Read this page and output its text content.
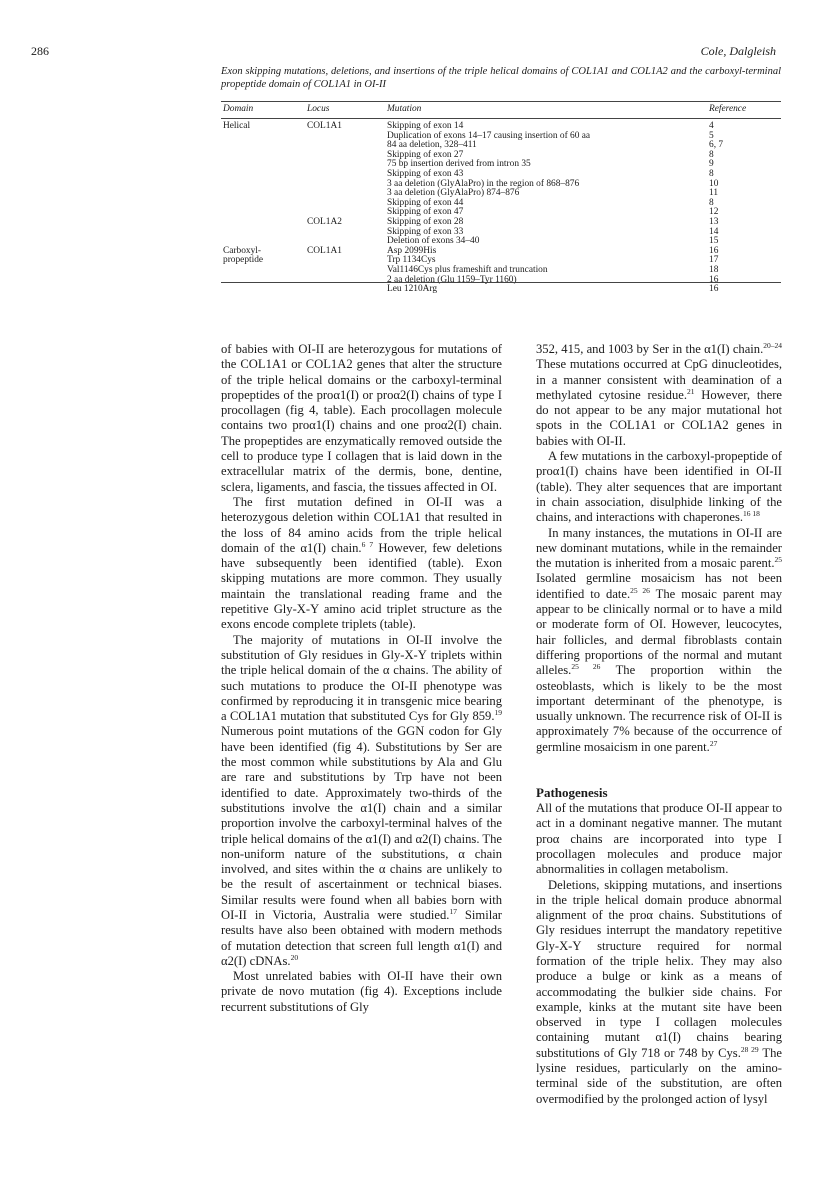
286	Cole, Dalgleish
Exon skipping mutations, deletions, and insertions of the triple helical domains of COL1A1 and COL1A2 and the carboxyl-terminal propeptide domain of COL1A1 in OI-II
Domain	Locus	Mutation	Reference
Helical	COL1A1	Skipping of exon 14	4
Duplication of exons 14–17 causing insertion of 60 aa	5
84 aa deletion, 328–411	6, 7
Skipping of exon 27	8
75 bp insertion derived from intron 35	9
Skipping of exon 43	8
3 aa deletion (GlyAlaPro) in the region of 868–876	10
3 aa deletion (GlyAlaPro) 874–876	11
Skipping of exon 44	8
Skipping of exon 47	12
COL1A2	Skipping of exon 28	13
Skipping of exon 33	14
Deletion of exons 34–40	15
Carboxyl-	COL1A1	Asp 2099His	16
propeptide	Trp 1134Cys	17
Val1146Cys plus frameshift and truncation	18
2 aa deletion (Glu 1159–Tyr 1160)	16
Leu 1210Arg	16

of babies with OI-II are heterozygous for mutations of the COL1A1 or COL1A2 genes that alter the structure of the triple helical domains or the carboxyl-terminal propeptides of the proα1(I) or proα2(I) chains of type I procollagen (fig 4, table). Each procollagen molecule contains two proα1(I) chains and one proα2(I) chain. The propeptides are enzymatically removed outside the cell to produce type I collagen that is laid down in the extracellular matrix of the dermis, bone, dentine, sclera, ligaments, and fascia, the tissues affected in OI.

The first mutation defined in OI-II was a heterozygous deletion within COL1A1 that resulted in the loss of 84 amino acids from the triple helical domain of the α1(I) chain.$^{6 7}$ However, few deletions have subsequently been identified (table). Exon skipping mutations are more common. They usually maintain the translational reading frame and the repetitive Gly-X-Y amino acid triplet structure as the exons encode complete triplets (table).

The majority of mutations in OI-II involve the substitution of Gly residues in Gly-X-Y triplets within the triple helical domain of the α chains. The ability of such mutations to produce the OI-II phenotype was confirmed by reproducing it in transgenic mice bearing a COL1A1 mutation that substituted Cys for Gly 859.19 Numerous point mutations of the GGN codon for Gly have been identified (fig 4). Substitutions by Ser are the most common while substitutions by Ala and Glu are rare and substitutions by Trp have not been identified to date. Approximately two-thirds of the substitutions involve the α1(I) chain and a similar proportion involve the carboxyl-terminal halves of the triple helical domains of the α1(I) and α2(I) chains. The non-uniform nature of the substitutions, α chain involved, and sites within the α chains are unlikely to be the result of ascertainment or technical biases. Similar results were found when all babies born with OI-II in Victoria, Australia were studied.$^{17}$ Similar results have also been obtained with modern methods of mutation detection that screen full length α1(I) and α2(I) cDNAs.$^{20}$

Most unrelated babies with OI-II have their own private de novo mutation (fig 4). Exceptions include recurrent substitutions of Gly

352, 415, and 1003 by Ser in the α1(I) chain.$^{20-24}$ These mutations occurred at CpG dinucleotides, in a manner consistent with deamination of a methylated cytosine residue.$^{21}$ However, there do not appear to be any major mutational hot spots in the COL1A1 or COL1A2 genes in babies with OI-II.

A few mutations in the carboxyl-propeptide of proα1(I) chains have been identified in OI-II (table). They alter sequences that are important in chain association, disulphide linking of the chains, and interactions with chaperones.$^{16 18}$

In many instances, the mutations in OI-II are new dominant mutations, while in the remainder the mutation is inherited from a mosaic parent.$^{25}$ Isolated germline mosaicism has not been identified to date.$^{25 26}$ The mosaic parent may appear to be clinically normal or to have a mild or moderate form of OI. However, leucocytes, hair follicles, and dermal fibroblasts contain differing proportions of the normal and mutant alleles.$^{25 26}$ The proportion within the osteoblasts, which is likely to be the most important determinant of the phenotype, is usually unknown. The recurrence risk of OI-II is approximately 7% because of the occurrence of germline mosaicism in one parent.$^{27}$

Pathogenesis

All of the mutations that produce OI-II appear to act in a dominant negative manner. The mutant proα chains are incorporated into type I procollagen molecules and produce major abnormalities in collagen metabolism.

Deletions, skipping mutations, and insertions in the triple helical domain produce abnormal alignment of the proα chains. Substitutions of Gly residues interrupt the mandatory repetitive Gly-X-Y structure required for normal formation of the triple helix. They may also produce a bulge or kink as a means of accommodating the bulkier side chains. For example, kinks at the mutant site have been observed in type I collagen molecules containing mutant α1(I) chains bearing substitutions of Gly 718 or 748 by Cys.$^{28 29}$ The lysine residues, particularly on the amino-terminal side of the substitution, are often overmodified by the prolonged action of lysyl
